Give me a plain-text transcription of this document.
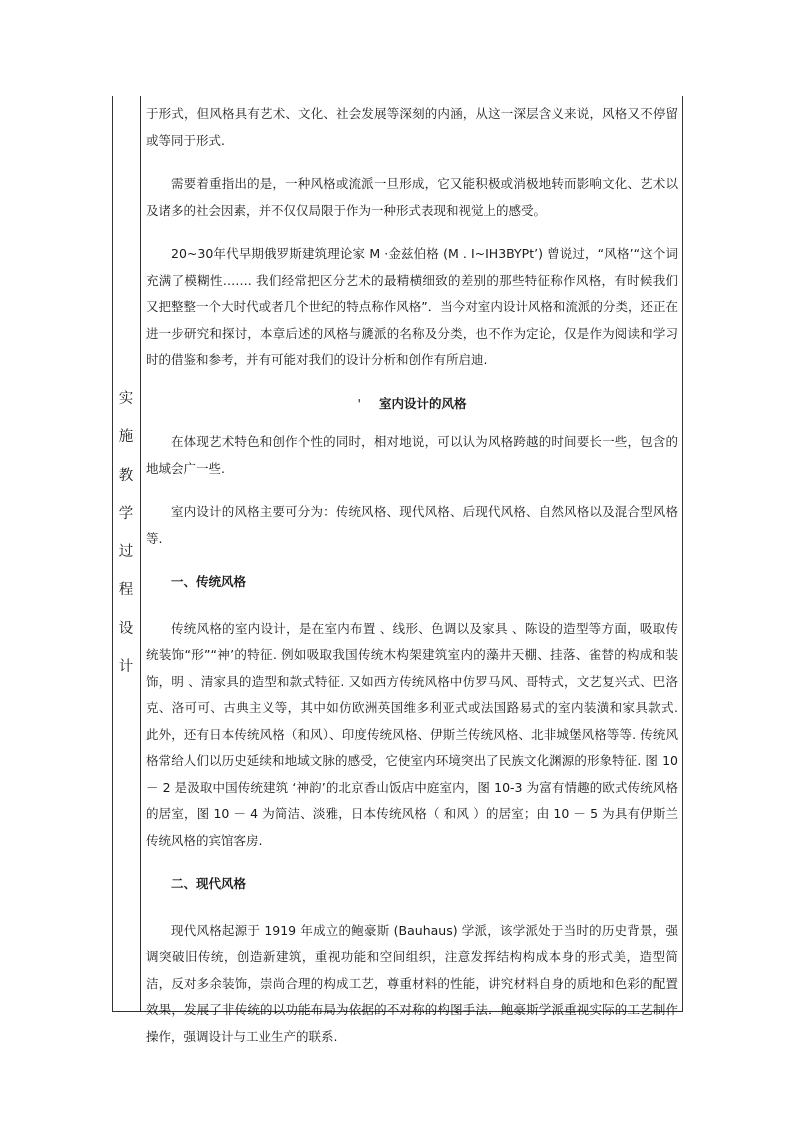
实
施
教
学
过
程
设
计

于形式，但风格具有艺术、文化、社会发展等深刻的内涵，从这一深层含义来说，风格又不停留或等同于形式.

需要着重指出的是，一种风格或流派一旦形成，它又能积极或消极地转而影响文化、艺术以及诸多的社会因素，并不仅仅局限于作为一种形式表现和视觉上的感受。

20~30年代早期俄罗斯建筑理论家 M ·金兹伯格 (M . I~IH3BYPt’) 曾说过，“风格’“这个词充满了模糊性……. 我们经常把区分艺术的最精横细致的差别的那些特征称作风格，有时候我们又把整整一个大时代或者几个世纪的特点称作风格”．当今对室内设计风格和流派的分类，还正在进一步研究和探讨，本章后述的风格与篪派的名称及分类，也不作为定论，仅是作为阅读和学习时的借鉴和参考，并有可能对我们的设计分析和创作有所启迪.

' 室内设计的风格

在体现艺术特色和创作个性的同时，相对地说，可以认为风格跨越的时间要长一些，包含的地域会广一些.

室内设计的风格主要可分为：传统风格、现代风格、后现代风格、自然风格以及混合型风格等.

一、传统风格

传统风格的室内设计，是在室内布置 、线形、色调以及家具 、陈设的造型等方面，吸取传统装饰“形”“神’的特征. 例如吸取我国传统木构架建筑室内的藻井天棚、挂落、雀替的构成和装饰，明 、清家具的造型和款式特征. 又如西方传统风格中仿罗马风、哥特式，文艺复兴式、巴洛克、洛可可、古典主义等，其中如仿欧洲英国维多利亚式或法国路易式的室内装潢和家具款式. 此外，还有日本传统风格（和风）、印度传统风格、伊斯兰传统风格、北非城堡风格等等. 传统风格常给人们以历史延续和地域文脉的感受，它使室内环境突出了民族文化渊源的形象特征. 图 10 － 2 是汲取中国传统建筑 ‘神韵’的北京香山饭店中庭室内，图 10-3 为富有情趣的欧式传统风格的居室，图 10 － 4 为简洁、淡雅，日本传统风格（ 和风 ）的居室；甶 10 － 5 为具有伊斯兰传统风格的宾馆客房.

二、现代风格

现代风格起源于 1919 年成立的鲍豪斯 (Bauhaus) 学派，该学派处于当时的历史背景，强调突破旧传统，创造新建筑，重视功能和空间组织，注意发挥结构构成本身的形式美，造型简洁，反对多余装饰，崇尚合理的构成工艺，尊重材料的性能，讲究材料自身的质地和色彩的配置效果，发展了非传统的以功能布局为依据的不对称的构图手法．鲍豪斯学派重视实际的工艺制作操作，强调设计与工业生产的联系.
